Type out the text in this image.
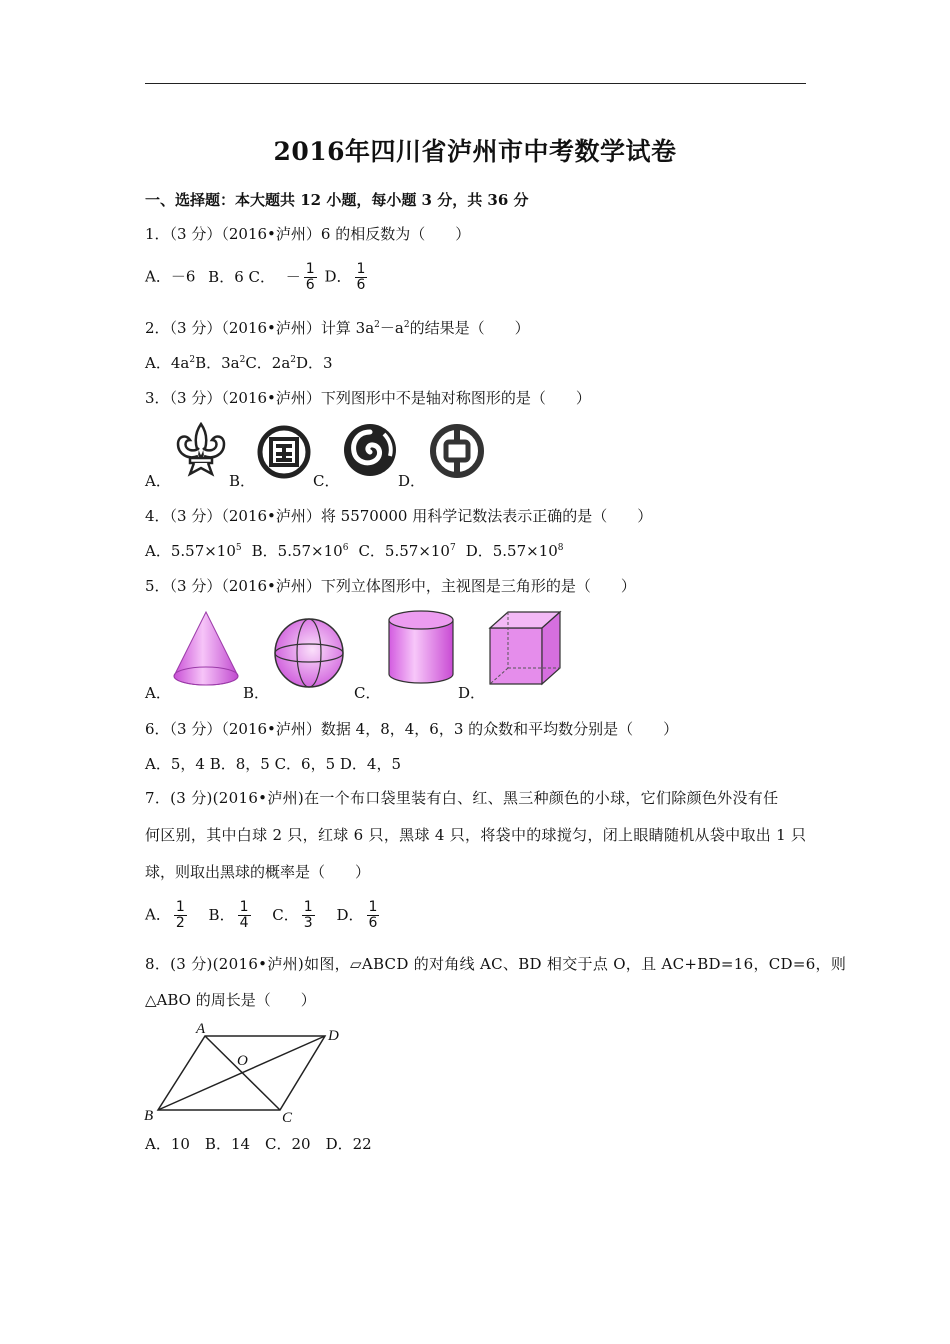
2016年四川省泸州市中考数学试卷
一、选择题：本大题共 12 小题，每小题 3 分，共 36 分
1．（3 分）（2016•泸州）6 的相反数为（　　）
A．－6 B．6 C． － $\frac{1}{6}$ D． $\frac{1}{6}$
2．（3 分）（2016•泸州）计算 $3a^2-a^2$的结果是（　　）
A．$4a^2B$．$3a^2C$．$2a^2D$．3
3．（3 分）（2016•泸州）下列图形中不是轴对称图形的是（　　）
A．	B．	C．	D．
4．（3 分）（2016•泸州）将 5570000 用科学记数法表示正确的是（　　）
A．$5.57\times 10^5$ B．$5.57\times 10^6$ C．$5.57\times 10^7$ D．$5.57\times 10^8$
5．（3 分）（2016•泸州）下列立体图形中，主视图是三角形的是（　　）
A．	B．	C．	D．
6．（3 分）（2016•泸州）数据 4，8，4，6，3 的众数和平均数分别是（　　）
A．5，4 B．8，5 C．6，5 D．4，5
7．(3 分)(2016•泸州)在一个布口袋里装有白、红、黑三种颜色的小球，它们除颜色外没有任
何区别，其中白球 2 只，红球 6 只，黑球 4 只，将袋中的球搅匀，闭上眼睛随机从袋中取出 1 只
球，则取出黑球的概率是（　　）
A． $\frac{1}{2}$ B． $\frac{1}{4}$ C． $\frac{1}{3}$ D． $\frac{1}{6}$
8．(3 分)(2016•泸州)如图，▱ABCD 的对角线 AC、BD 相交于点 O，且 AC+BD=16，CD=6，则
△ABO 的周长是（　　）
A	D
B	C
O
A．10　B．14　C．20　D．22
